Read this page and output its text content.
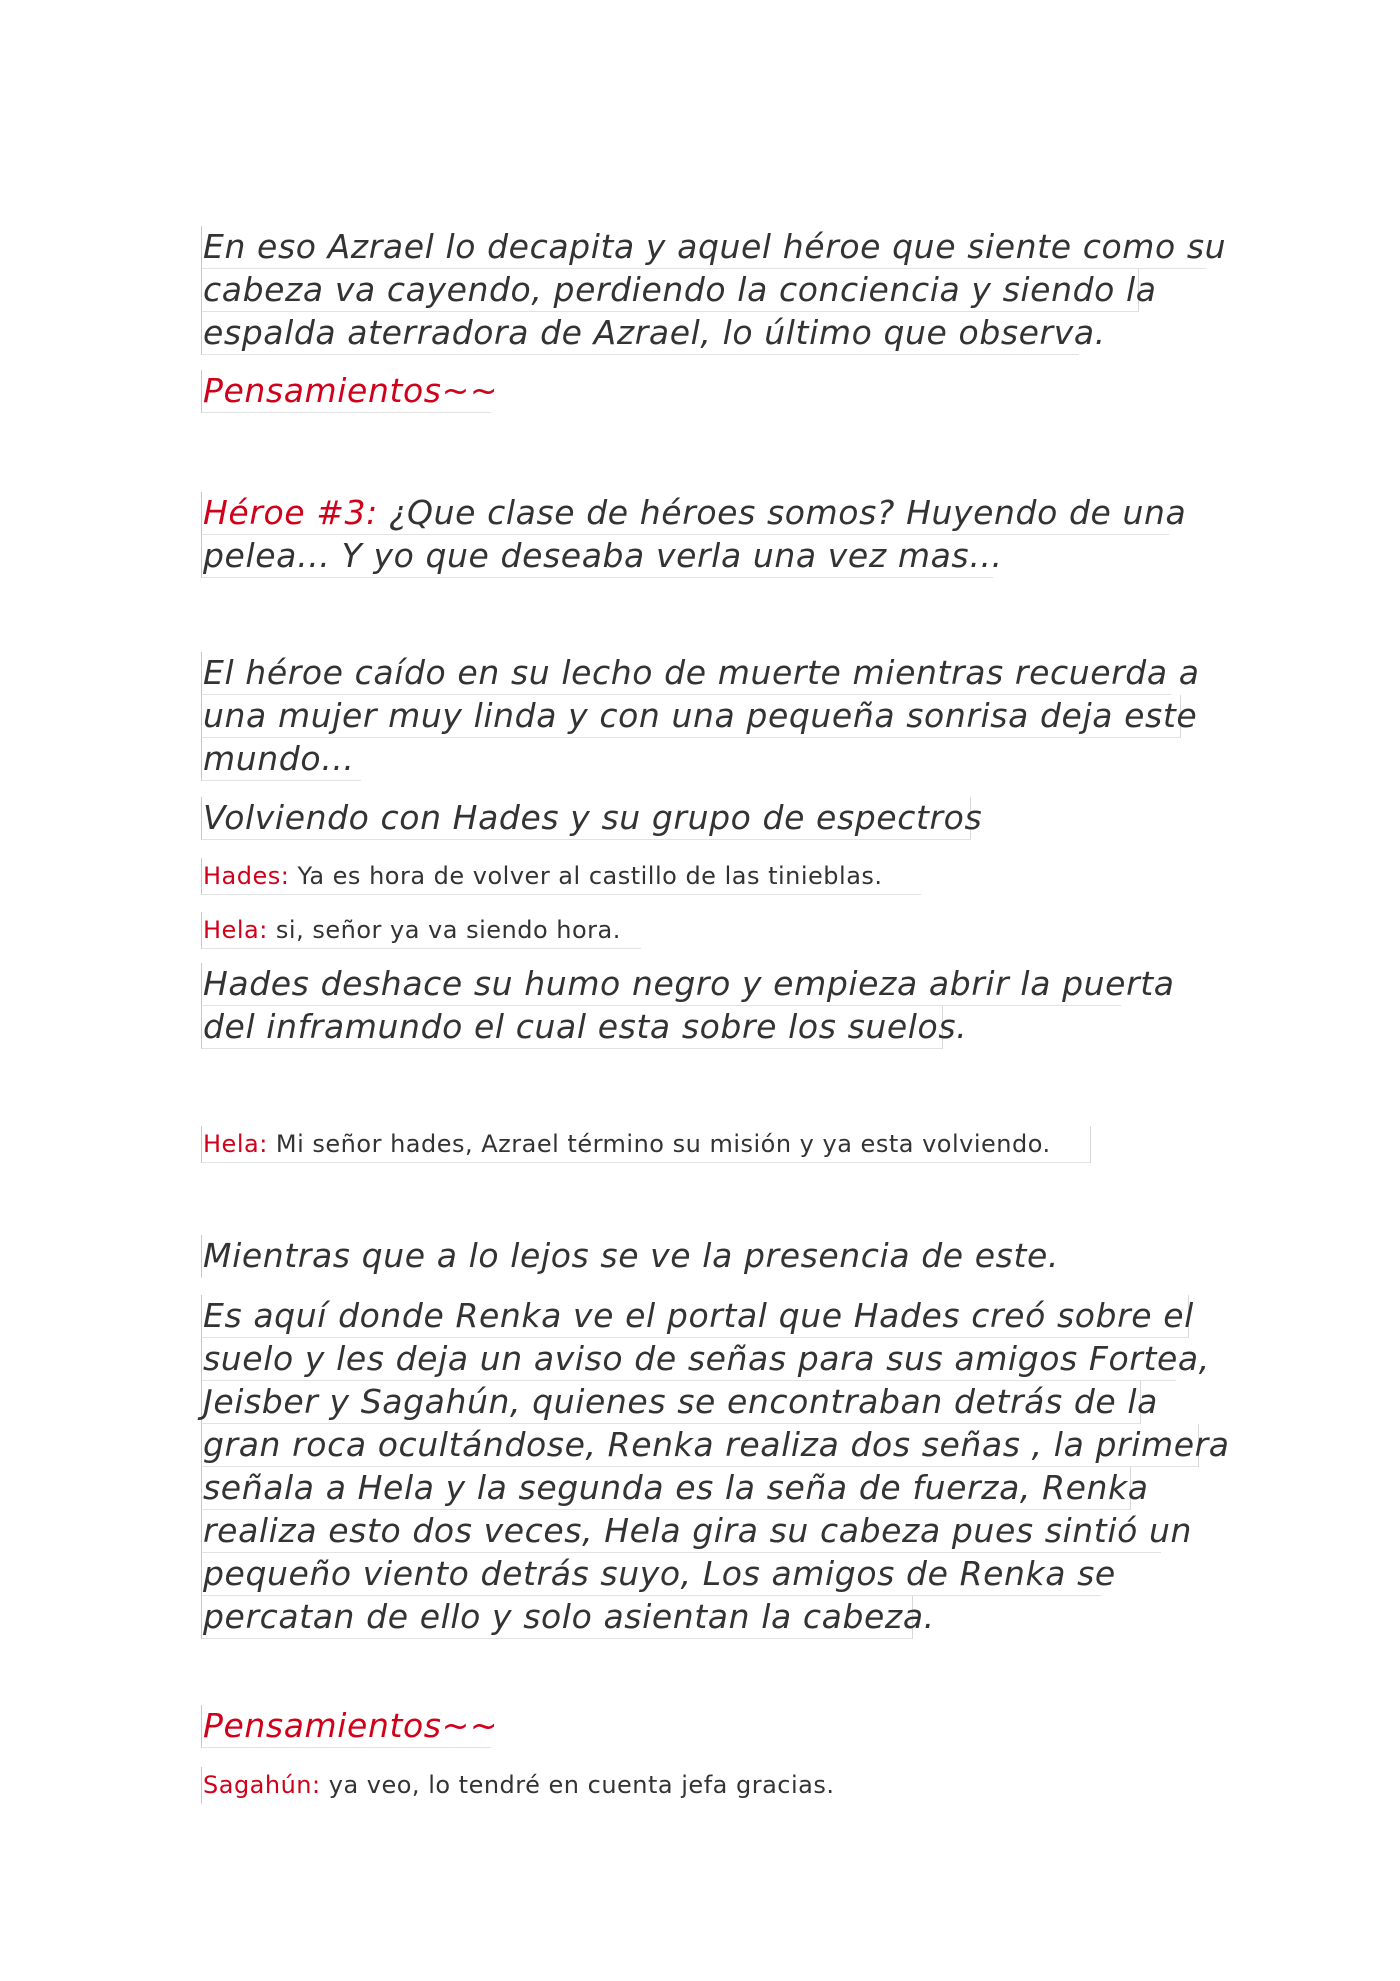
En eso Azrael lo decapita y aquel héroe que siente como su
cabeza va cayendo, perdiendo la conciencia y siendo la
espalda aterradora de Azrael, lo último que observa.
Pensamientos~~
Héroe #3: ¿Que clase de héroes somos? Huyendo de una
pelea… Y yo que deseaba verla una vez mas…
El héroe caído en su lecho de muerte mientras recuerda a
una mujer muy linda y con una pequeña sonrisa deja este
mundo…
Volviendo con Hades y su grupo de espectros
Hades: Ya es hora de volver al castillo de las tinieblas.
Hela: si, señor ya va siendo hora.
Hades deshace su humo negro y empieza abrir la puerta
del inframundo el cual esta sobre los suelos.
Hela: Mi señor hades, Azrael término su misión y ya esta volviendo.
Mientras que a lo lejos se ve la presencia de este.
Es aquí donde Renka ve el portal que Hades creó sobre el
suelo y les deja un aviso de señas para sus amigos Fortea,
Jeisber y Sagahún, quienes se encontraban detrás de la
gran roca ocultándose, Renka realiza dos señas , la primera
señala a Hela y la segunda es la seña de fuerza, Renka
realiza esto dos veces, Hela gira su cabeza pues sintió un
pequeño viento detrás suyo, Los amigos de Renka se
percatan de ello y solo asientan la cabeza.
Pensamientos~~
Sagahún: ya veo, lo tendré en cuenta jefa gracias.
